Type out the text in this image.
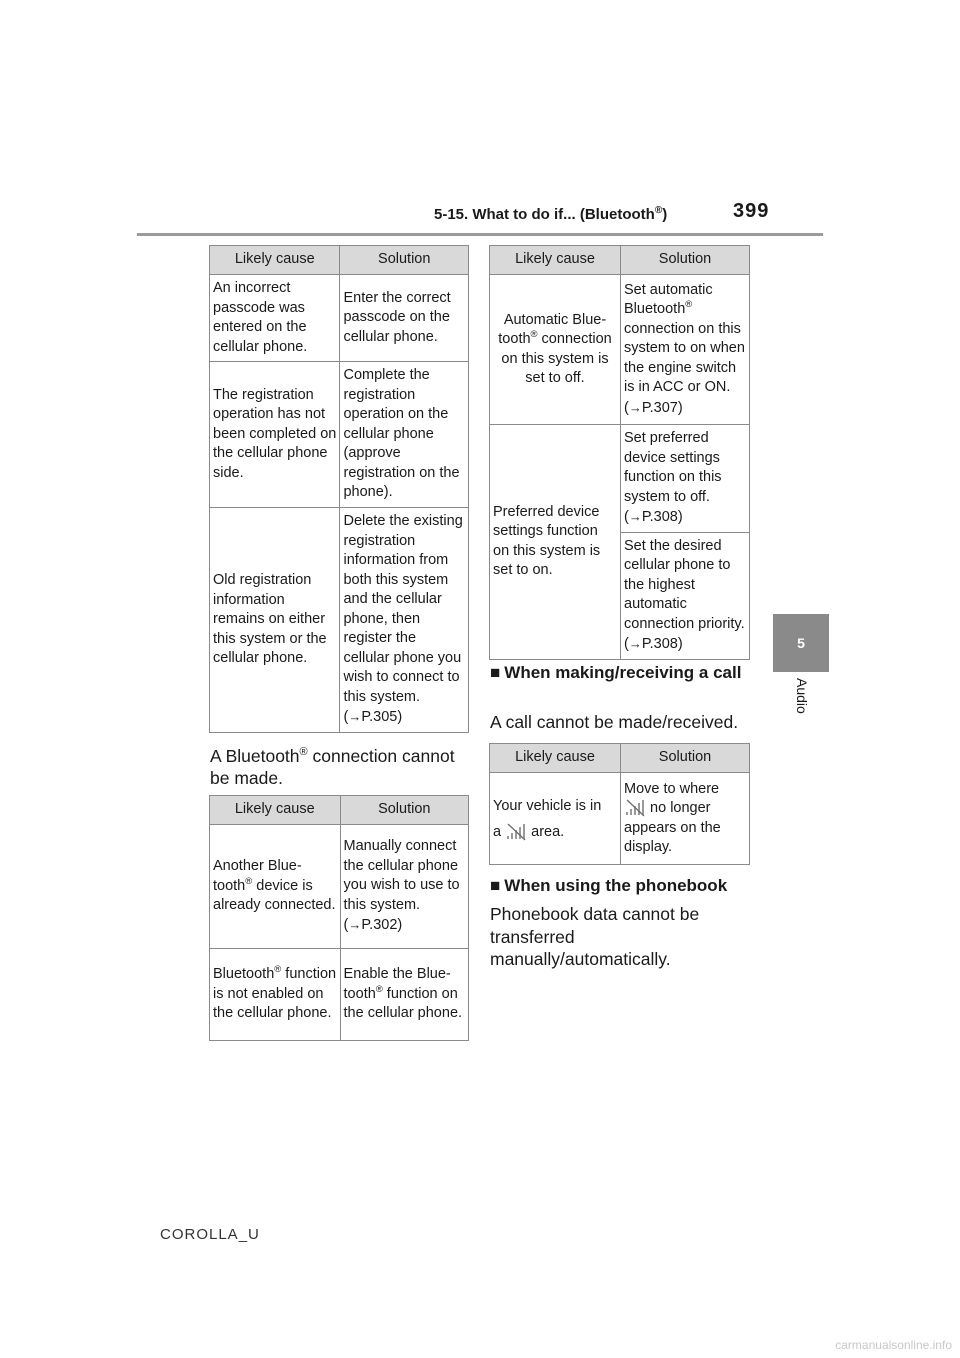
5-15. What to do if... (Bluetooth®)	399
5
Audio
Likely cause	Solution
An incorrect passcode was entered on the cellular phone.	Enter the correct passcode on the cellular phone.
The registration operation has not been completed on the cellular phone side.	Complete the registration operation on the cellular phone (approve registration on the phone).
Old registration information remains on either this system or the cellular phone.	Delete the existing registration information from both this system and the cellular phone, then register the cellular phone you wish to connect to this system.
(→P.305)
A Bluetooth® connection cannot be made.
Likely cause	Solution
Another Blue-
tooth® device is already connected.	Manually connect the cellular phone you wish to use to this system.
(→P.302)
Bluetooth® function is not enabled on the cellular phone.	Enable the Blue-
tooth® function on the cellular phone.
Likely cause	Solution
Automatic Blue-
tooth® connection on this system is set to off.	Set automatic
Bluetooth® connection on this system to on when the engine switch is in ACC or ON. (→P.307)
Preferred device settings function on this system is set to on.	Set preferred device settings function on this system to off.
(→P.308)
	Set the desired cellular phone to the highest automatic connection priority.
(→P.308)
■ When making/receiving a call
A call cannot be made/received.
Likely cause	Solution
Your vehicle is in
a area.	Move to where
no longer appears on the display.
■ When using the phonebook
Phonebook data cannot be transferred manually/automatically.
COROLLA_U
carmanualsonline.info
